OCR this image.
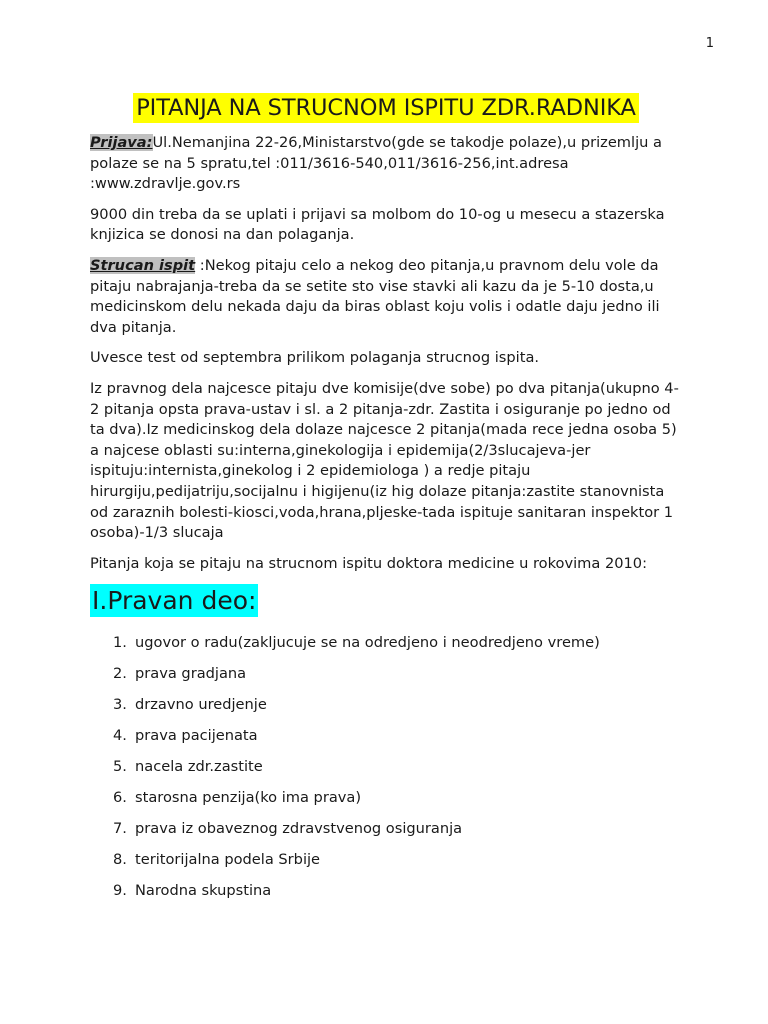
1
PITANJA NA STRUCNOM ISPITU ZDR.RADNIKA

Prijava:Ul.Nemanjina 22-26,Ministarstvo(gde se takodje polaze),u prizemlju a polaze se na 5 spratu,tel :011/3616-540,011/3616-256,int.adresa :www.zdravlje.gov.rs

9000 din treba da se uplati i prijavi sa molbom do 10-og u mesecu a stazerska knjizica se donosi na dan polaganja.

Strucan ispit :Nekog pitaju celo a nekog deo pitanja,u pravnom delu vole da pitaju nabrajanja-treba da se setite sto vise stavki ali kazu da je 5-10 dosta,u medicinskom delu nekada daju da biras oblast koju volis i odatle daju jedno ili dva pitanja.

Uvesce test od septembra prilikom polaganja strucnog ispita.

Iz pravnog dela najcesce pitaju dve komisije(dve sobe) po dva pitanja(ukupno 4-2 pitanja opsta prava-ustav i sl. a 2 pitanja-zdr. Zastita i osiguranje po jedno od ta dva).Iz medicinskog dela dolaze najcesce 2 pitanja(mada rece jedna osoba 5) a najcese oblasti su:interna,ginekologija i epidemija(2/3slucajeva-jer ispituju:internista,ginekolog i 2 epidemiologa ) a redje pitaju hirurgiju,pedijatriju,socijalnu i higijenu(iz hig dolaze pitanja:zastite stanovnista od zaraznih bolesti-kiosci,voda,hrana,pljeske-tada ispituje sanitaran inspektor 1 osoba)-1/3 slucaja

Pitanja koja se pitaju na strucnom ispitu doktora medicine u rokovima 2010:

I.Pravan deo:
1. ugovor o radu(zakljucuje se na odredjeno i neodredjeno vreme)
2. prava gradjana
3. drzavno uredjenje
4. prava pacijenata
5. nacela zdr.zastite
6. starosna penzija(ko ima prava)
7. prava iz obaveznog zdravstvenog osiguranja
8. teritorijalna podela Srbije
9. Narodna skupstina
